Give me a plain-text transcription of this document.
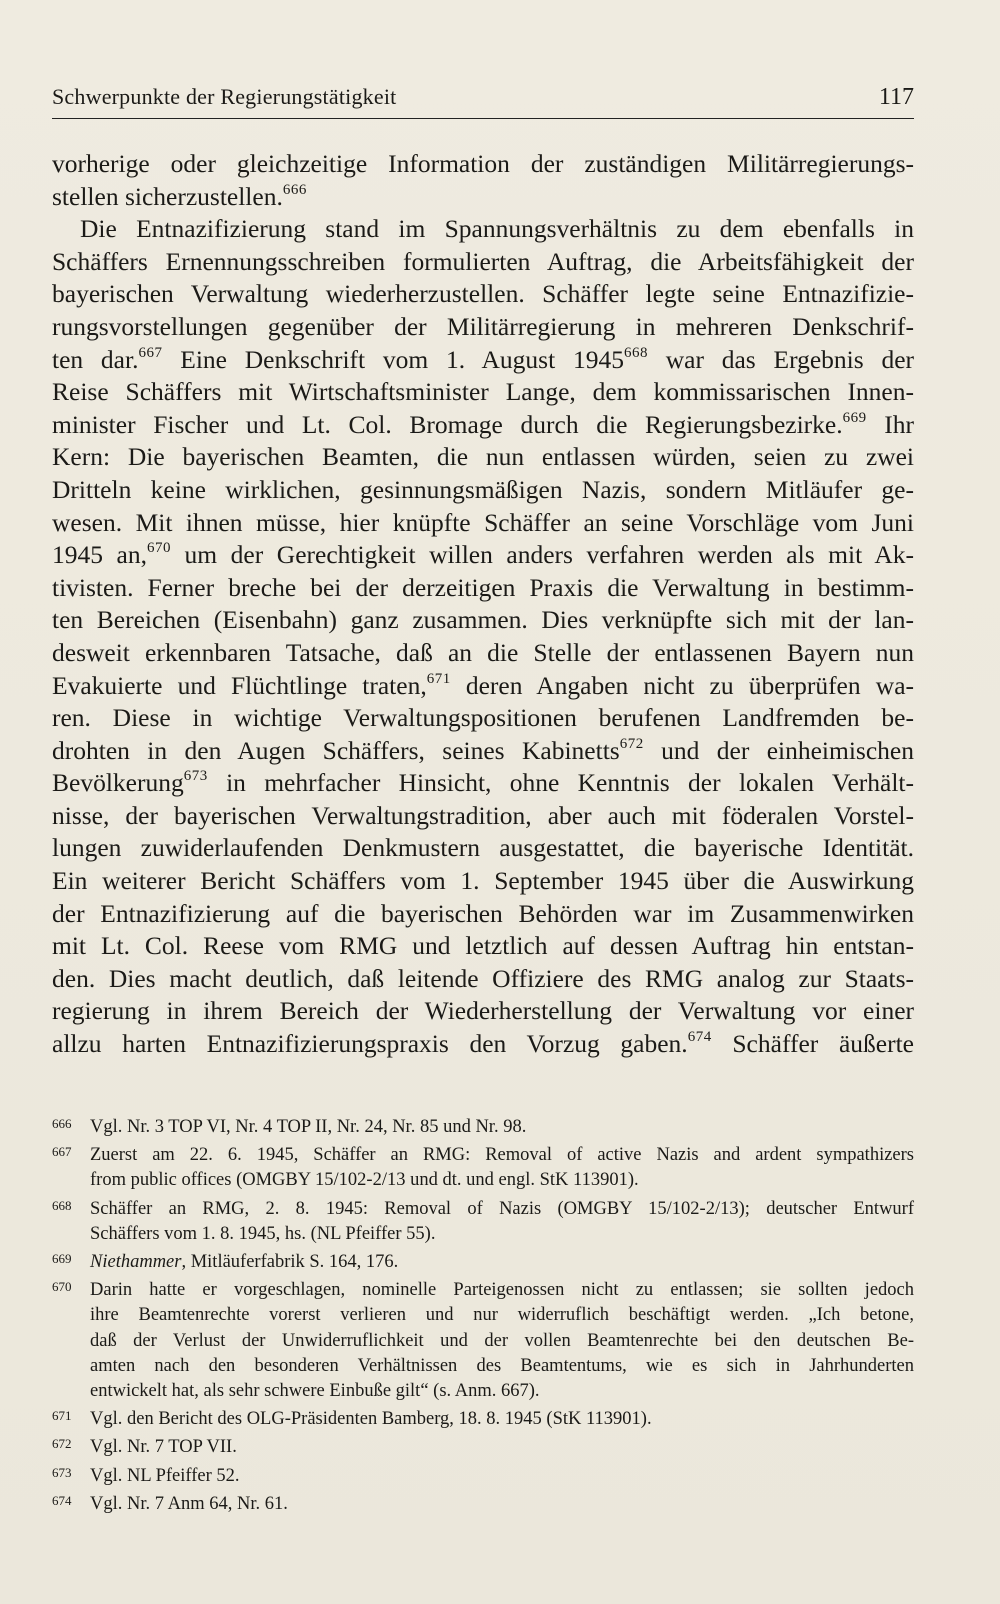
Schwerpunkte der Regierungstätigkeit	117
vorherige oder gleichzeitige Information der zuständigen Militärregierungs-
stellen sicherzustellen.$^{666}$
Die Entnazifizierung stand im Spannungsverhältnis zu dem ebenfalls in
Schäffers Ernennungsschreiben formulierten Auftrag, die Arbeitsfähigkeit der
bayerischen Verwaltung wiederherzustellen. Schäffer legte seine Entnazifizie-
rungsvorstellungen gegenüber der Militärregierung in mehreren Denkschrif-
ten dar.$^{667}$ Eine Denkschrift vom 1. August 1945$^{668}$ war das Ergebnis der
Reise Schäffers mit Wirtschaftsminister Lange, dem kommissarischen Innen-
minister Fischer und Lt. Col. Bromage durch die Regierungsbezirke.$^{669}$ Ihr
Kern: Die bayerischen Beamten, die nun entlassen würden, seien zu zwei
Dritteln keine wirklichen, gesinnungsmäßigen Nazis, sondern Mitläufer ge-
wesen. Mit ihnen müsse, hier knüpfte Schäffer an seine Vorschläge vom Juni
1945 an,$^{670}$ um der Gerechtigkeit willen anders verfahren werden als mit Ak-
tivisten. Ferner breche bei der derzeitigen Praxis die Verwaltung in bestimm-
ten Bereichen (Eisenbahn) ganz zusammen. Dies verknüpfte sich mit der lan-
desweit erkennbaren Tatsache, daß an die Stelle der entlassenen Bayern nun
Evakuierte und Flüchtlinge traten,$^{671}$ deren Angaben nicht zu überprüfen wa-
ren. Diese in wichtige Verwaltungspositionen berufenen Landfremden be-
drohten in den Augen Schäffers, seines Kabinetts$^{672}$ und der einheimischen
Bevölkerung$^{673}$ in mehrfacher Hinsicht, ohne Kenntnis der lokalen Verhält-
nisse, der bayerischen Verwaltungstradition, aber auch mit föderalen Vorstel-
lungen zuwiderlaufenden Denkmustern ausgestattet, die bayerische Identität.
Ein weiterer Bericht Schäffers vom 1. September 1945 über die Auswirkung
der Entnazifizierung auf die bayerischen Behörden war im Zusammenwirken
mit Lt. Col. Reese vom RMG und letztlich auf dessen Auftrag hin entstan-
den. Dies macht deutlich, daß leitende Offiziere des RMG analog zur Staats-
regierung in ihrem Bereich der Wiederherstellung der Verwaltung vor einer
allzu harten Entnazifizierungspraxis den Vorzug gaben.$^{674}$ Schäffer äußerte
666	Vgl. Nr. 3 TOP VI, Nr. 4 TOP II, Nr. 24, Nr. 85 und Nr. 98.
667	Zuerst am 22. 6. 1945, Schäffer an RMG: Removal of active Nazis and ardent sympathizers
from public offices (OMGBY 15/102-2/13 und dt. und engl. StK 113901).
668	Schäffer an RMG, 2. 8. 1945: Removal of Nazis (OMGBY 15/102-2/13); deutscher Entwurf
Schäffers vom 1. 8. 1945, hs. (NL Pfeiffer 55).
669	Niethammer, Mitläuferfabrik S. 164, 176.
670	Darin hatte er vorgeschlagen, nominelle Parteigenossen nicht zu entlassen; sie sollten jedoch
ihre Beamtenrechte vorerst verlieren und nur widerruflich beschäftigt werden. „Ich betone,
daß der Verlust der Unwiderruflichkeit und der vollen Beamtenrechte bei den deutschen Be-
amten nach den besonderen Verhältnissen des Beamtentums, wie es sich in Jahrhunderten
entwickelt hat, als sehr schwere Einbuße gilt“ (s. Anm. 667).
671	Vgl. den Bericht des OLG-Präsidenten Bamberg, 18. 8. 1945 (StK 113901).
672	Vgl. Nr. 7 TOP VII.
673	Vgl. NL Pfeiffer 52.
674	Vgl. Nr. 7 Anm 64, Nr. 61.
